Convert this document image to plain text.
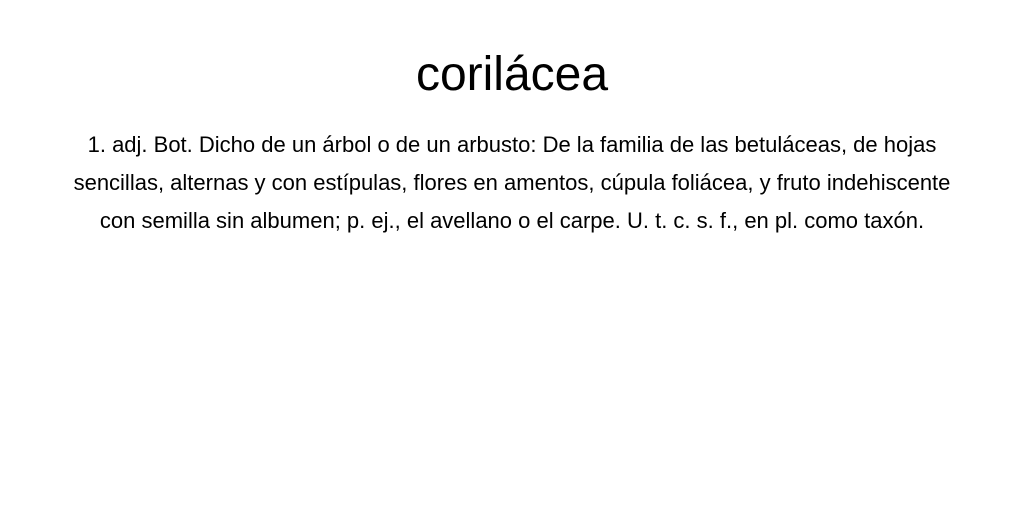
corilácea

1. adj. Bot. Dicho de un árbol o de un arbusto: De la familia de las betuláceas, de hojas sencillas, alternas y con estípulas, flores en amentos, cúpula foliácea, y fruto indehiscente con semilla sin albumen; p. ej., el avellano o el carpe. U. t. c. s. f., en pl. como taxón.
